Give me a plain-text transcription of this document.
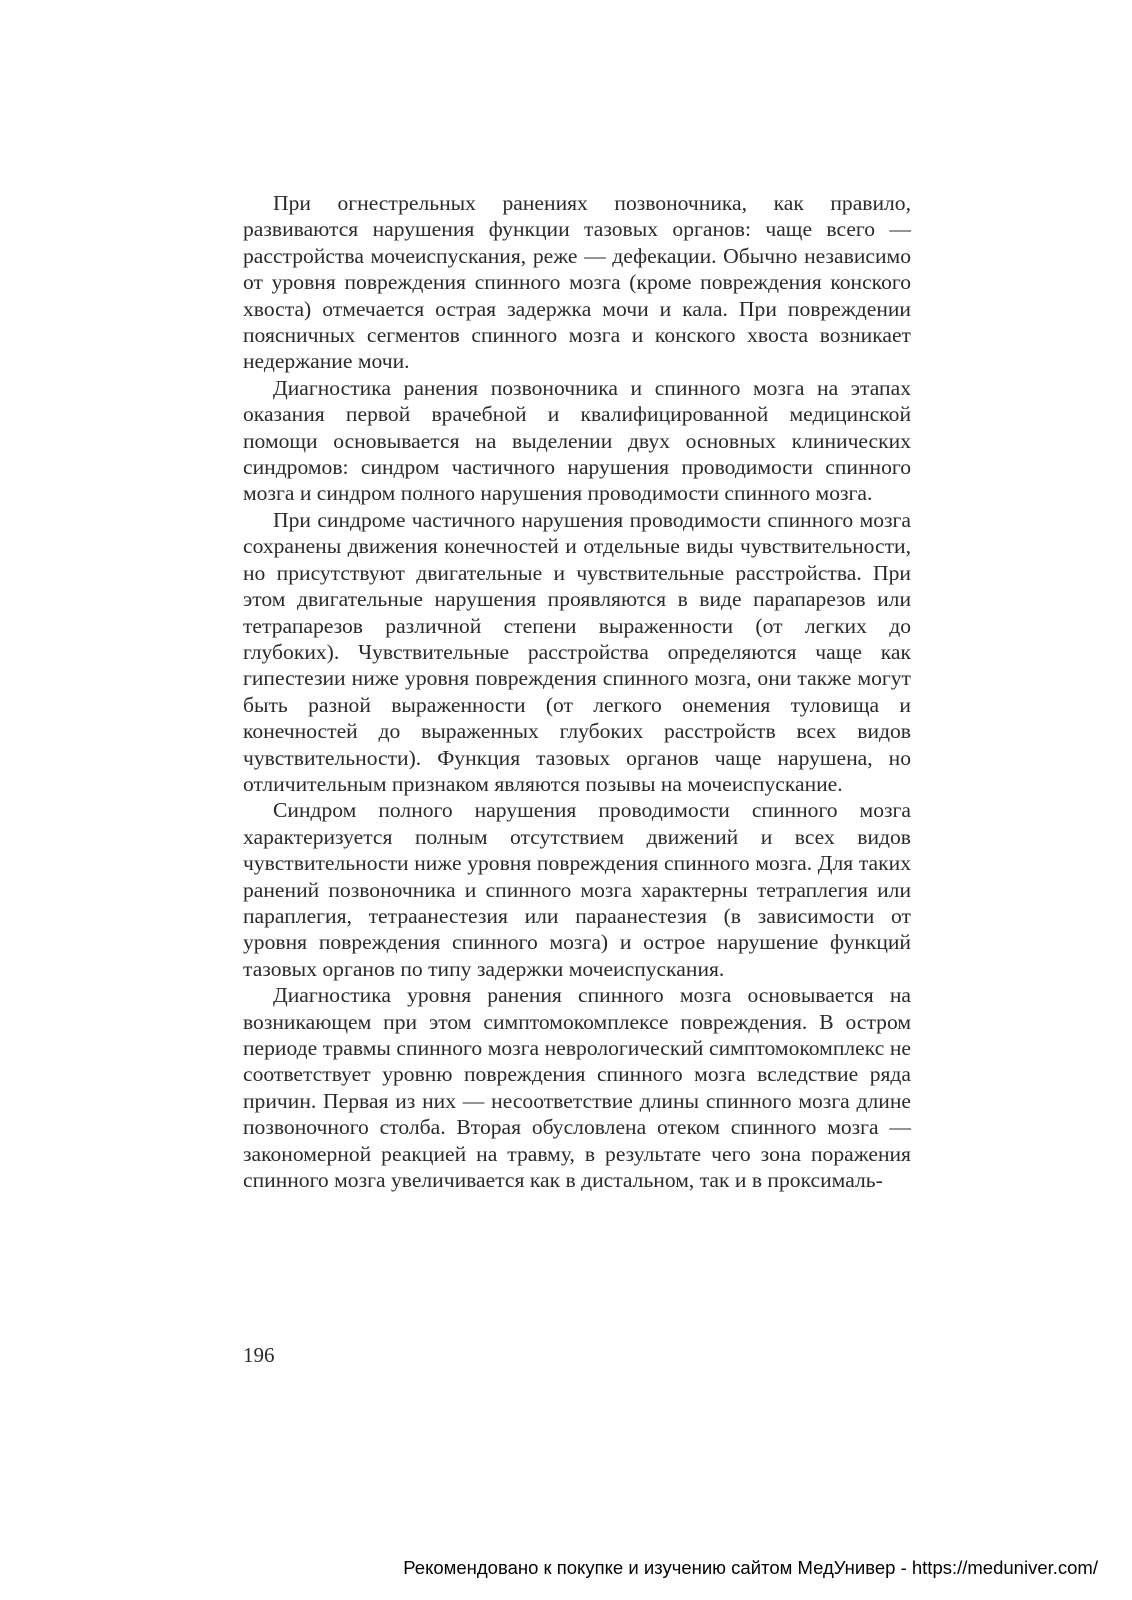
При огнестрельных ранениях позвоночника, как правило, развиваются нарушения функции тазовых органов: чаще всего — расстройства мочеиспускания, реже — дефекации. Обычно независимо от уровня повреждения спинного мозга (кроме повреждения конского хвоста) отмечается острая задержка мочи и кала. При повреждении поясничных сегментов спинного мозга и конского хвоста возникает недержание мочи.

Диагностика ранения позвоночника и спинного мозга на этапах оказания первой врачебной и квалифицированной медицинской помощи основывается на выделении двух основных клинических синдромов: синдром частичного нарушения проводимости спинного мозга и синдром полного нарушения проводимости спинного мозга.

При синдроме частичного нарушения проводимости спинного мозга сохранены движения конечностей и отдельные виды чувствительности, но присутствуют двигательные и чувствительные расстройства. При этом двигательные нарушения проявляются в виде парапарезов или тетрапарезов различной степени выраженности (от легких до глубоких). Чувствительные расстройства определяются чаще как гипестезии ниже уровня повреждения спинного мозга, они также могут быть разной выраженности (от легкого онемения туловища и конечностей до выраженных глубоких расстройств всех видов чувствительности). Функция тазовых органов чаще нарушена, но отличительным признаком являются позывы на мочеиспускание.

Синдром полного нарушения проводимости спинного мозга характеризуется полным отсутствием движений и всех видов чувствительности ниже уровня повреждения спинного мозга. Для таких ранений позвоночника и спинного мозга характерны тетраплегия или параплегия, тетраанестезия или параанестезия (в зависимости от уровня повреждения спинного мозга) и острое нарушение функций тазовых органов по типу задержки мочеиспускания.

Диагностика уровня ранения спинного мозга основывается на возникающем при этом симптомокомплексе повреждения. В остром периоде травмы спинного мозга неврологический симптомокомплекс не соответствует уровню повреждения спинного мозга вследствие ряда причин. Первая из них — несоответствие длины спинного мозга длине позвоночного столба. Вторая обусловлена отеком спинного мозга — закономерной реакцией на травму, в результате чего зона поражения спинного мозга увеличивается как в дистальном, так и в проксималь-

196
Рекомендовано к покупке и изучению сайтом МедУнивер - https://meduniver.com/
